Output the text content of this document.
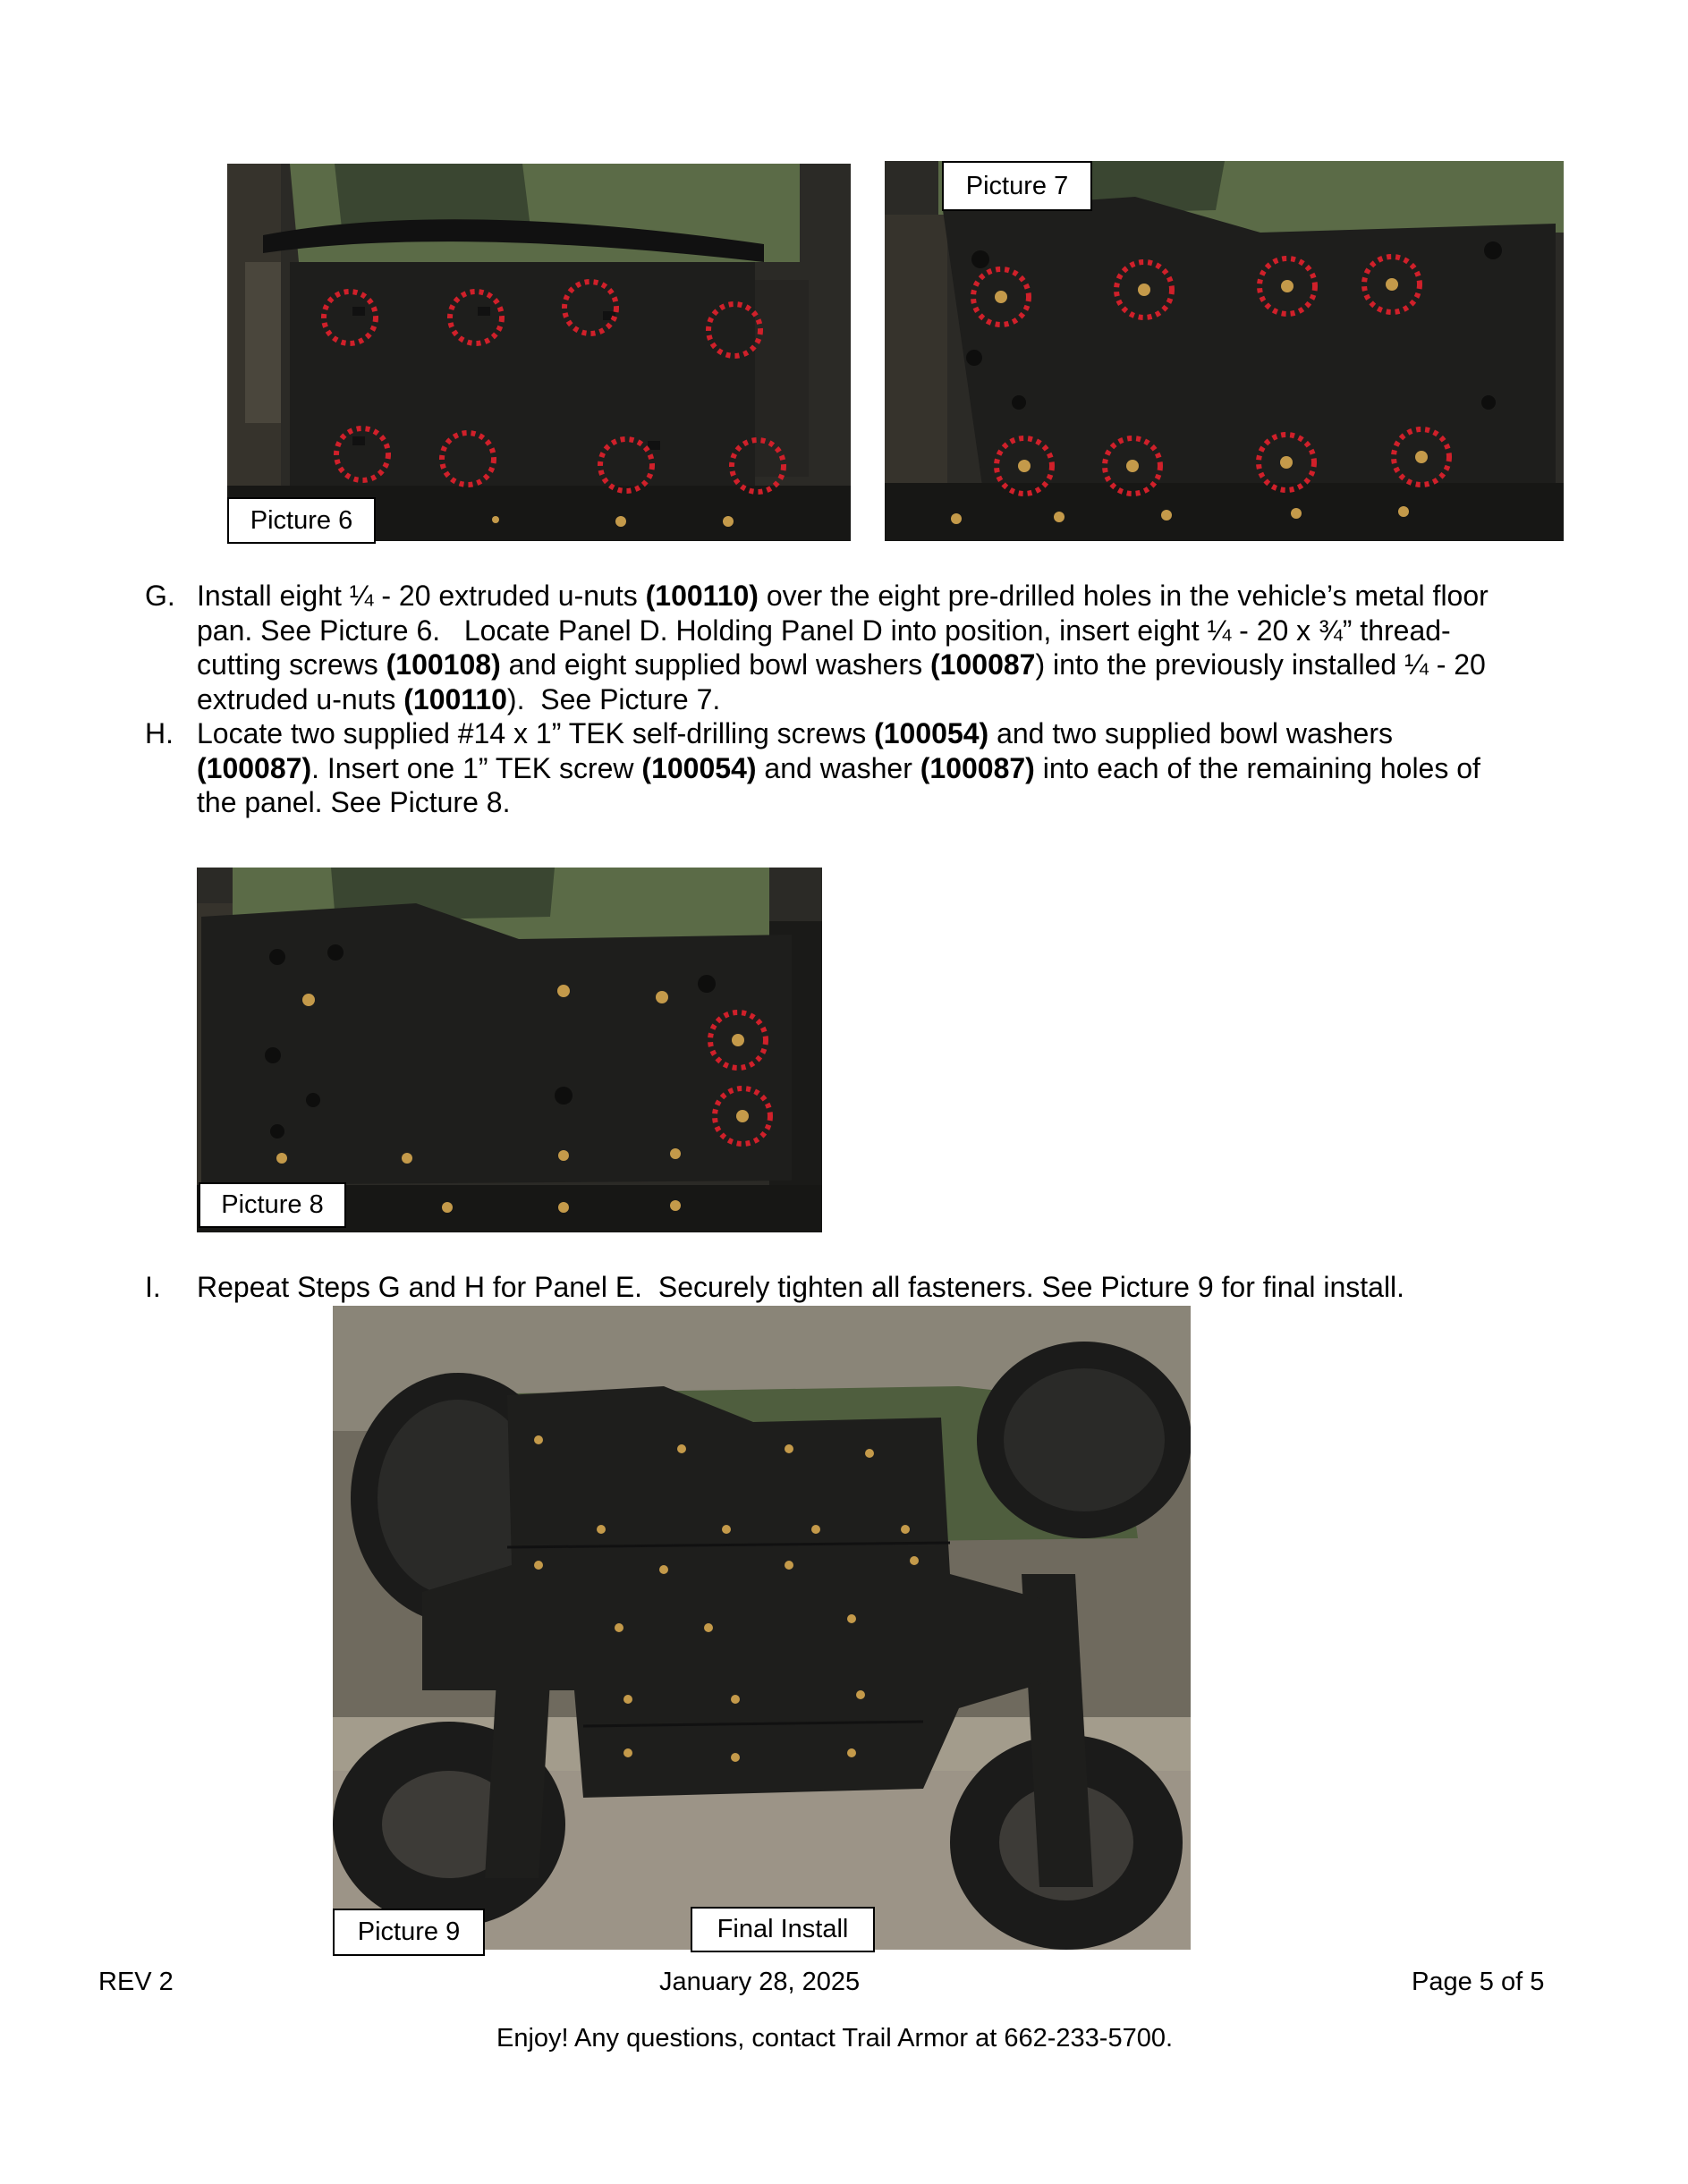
Picture 6
Picture 7
G. Install eight ¼ - 20 extruded u-nuts (100110) over the eight pre-drilled holes in the vehicle’s metal floor
pan. See Picture 6.   Locate Panel D. Holding Panel D into position, insert eight ¼ - 20 x ¾” thread-
cutting screws (100108) and eight supplied bowl washers (100087) into the previously installed ¼ - 20
extruded u-nuts (100110).  See Picture 7.
H. Locate two supplied #14 x 1” TEK self-drilling screws (100054) and two supplied bowl washers
(100087). Insert one 1” TEK screw (100054) and washer (100087) into each of the remaining holes of
the panel. See Picture 8.
Picture 8
I. Repeat Steps G and H for Panel E.  Securely tighten all fasteners. See Picture 9 for final install.
Picture 9	Final Install
REV 2	January 28, 2025	Page 5 of 5
Enjoy! Any questions, contact Trail Armor at 662-233-5700.
